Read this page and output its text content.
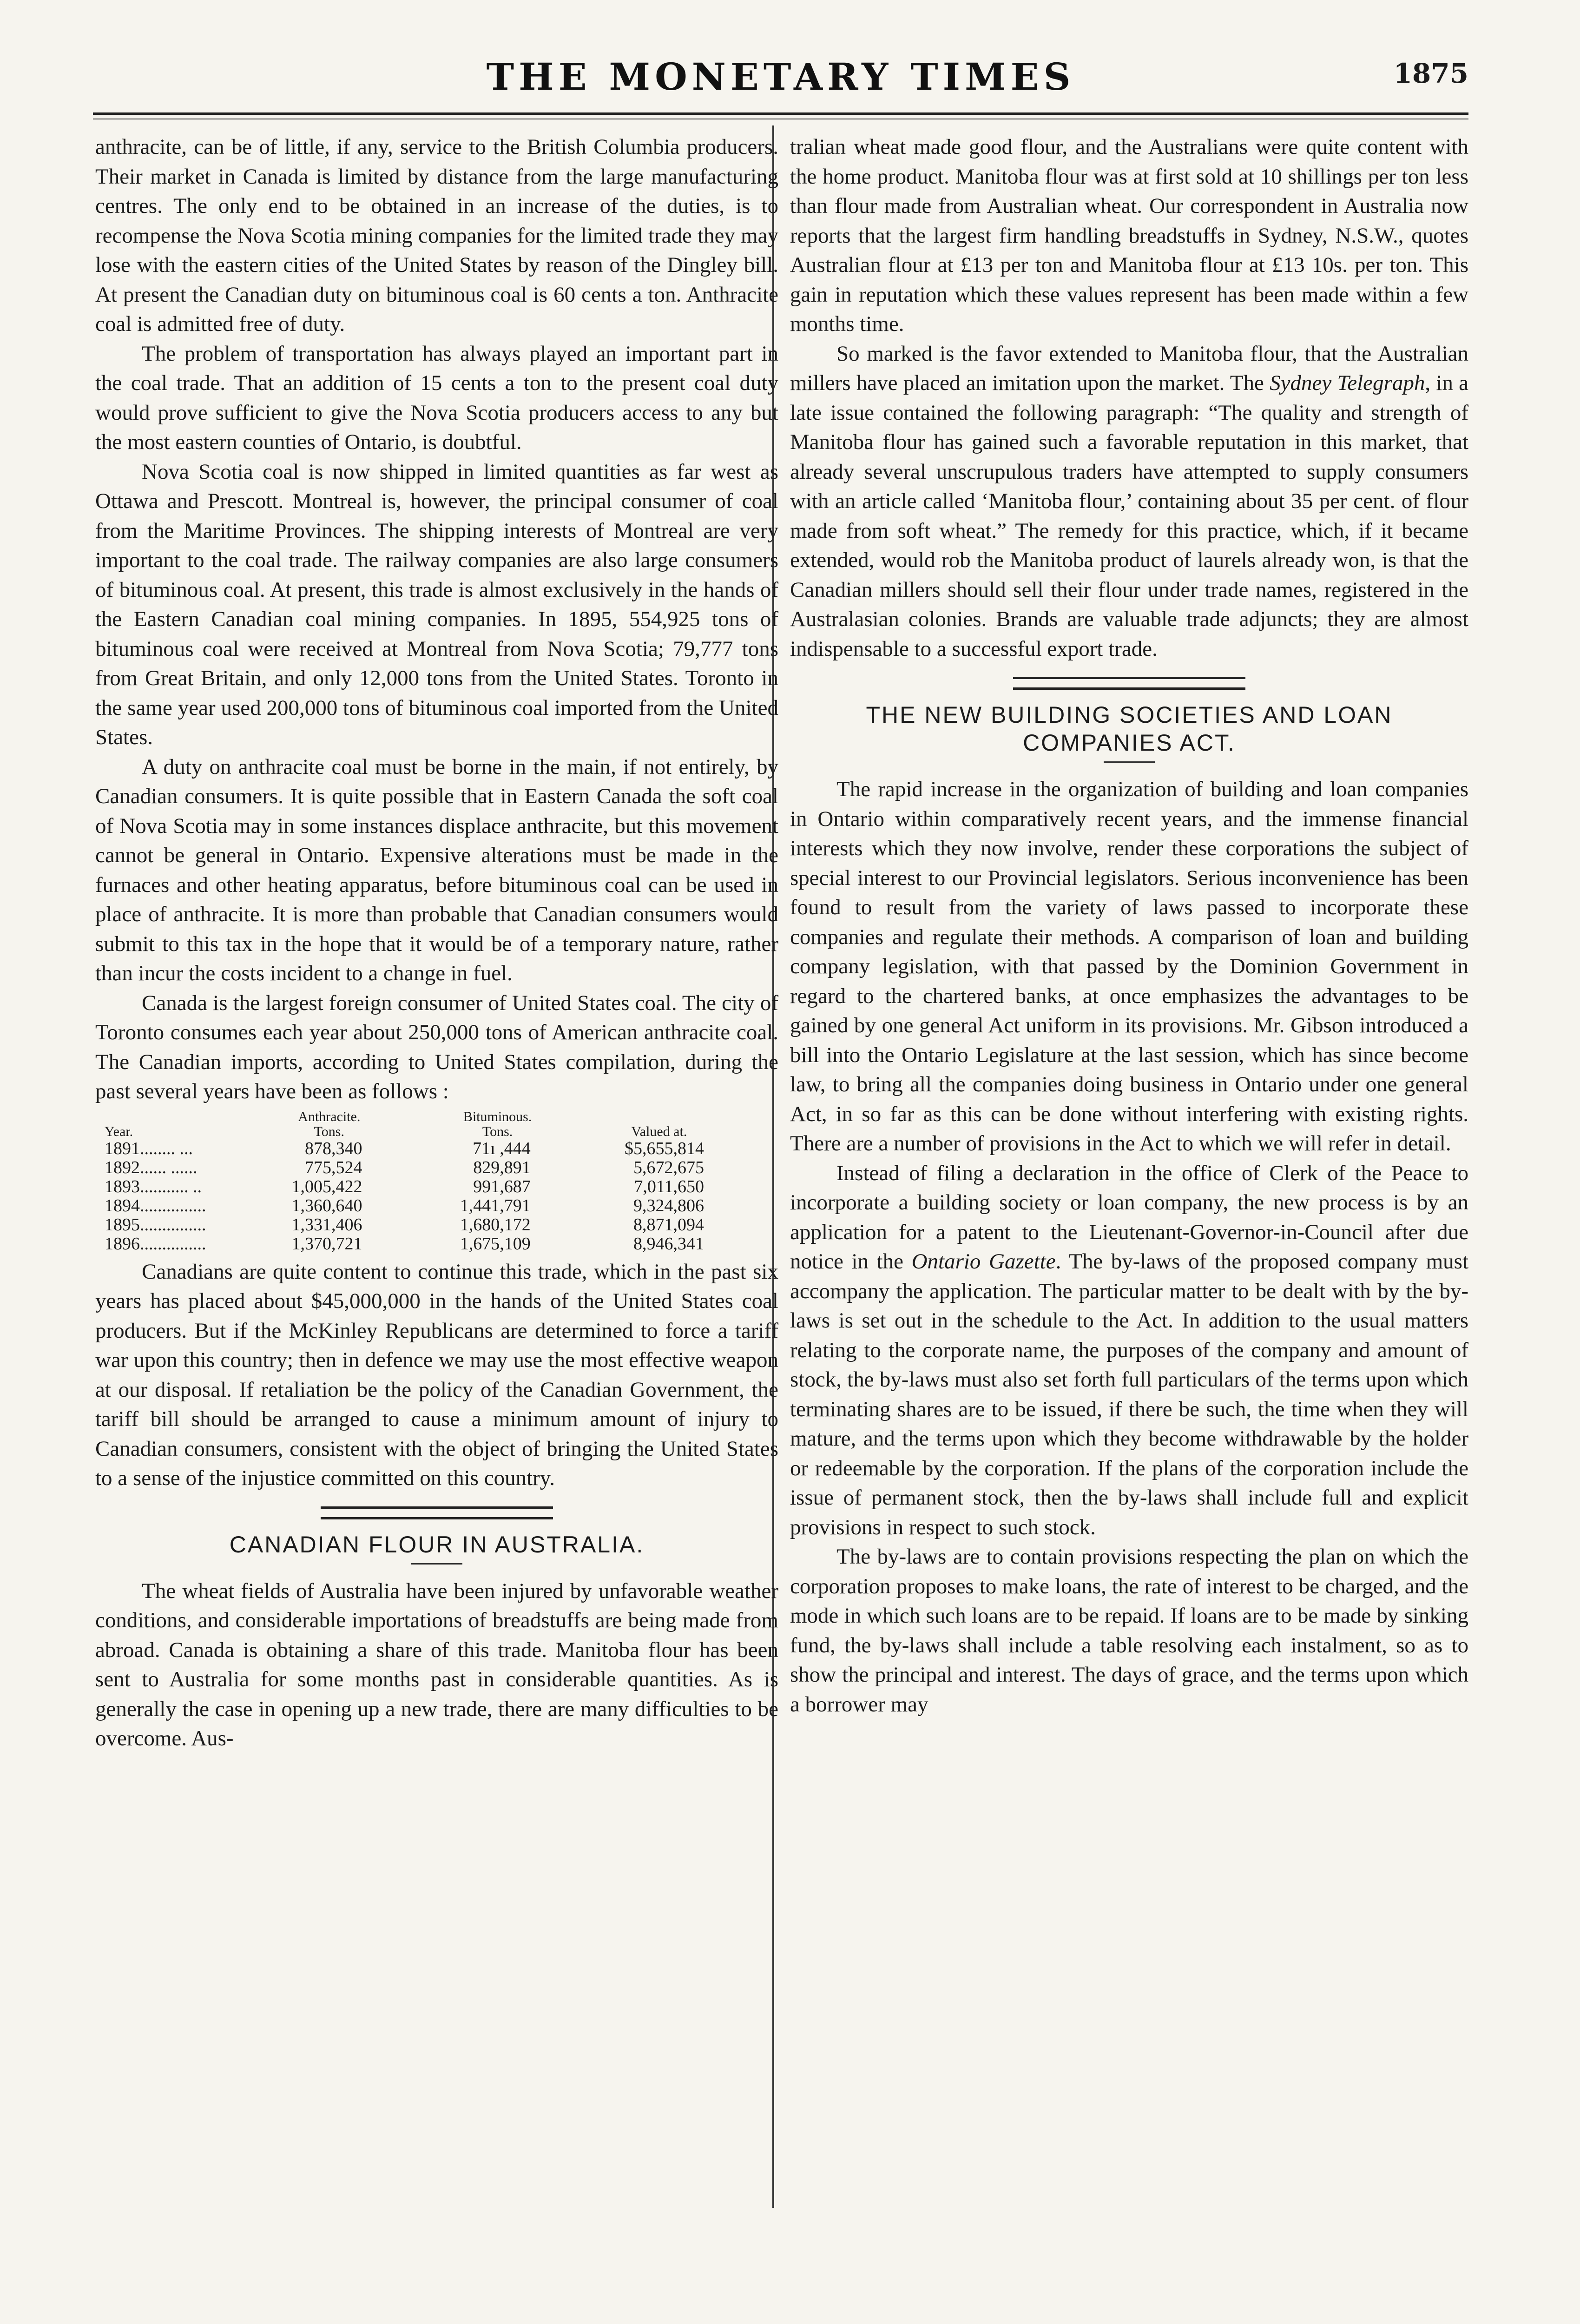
THE MONETARY TIMES	1875

anthracite, can be of little, if any, service to the British Columbia producers. Their market in Canada is limited by distance from the large manufacturing centres. The only end to be obtained in an increase of the duties, is to recompense the Nova Scotia mining companies for the limited trade they may lose with the eastern cities of the United States by reason of the Dingley bill. At present the Canadian duty on bituminous coal is 60 cents a ton. Anthracite coal is admitted free of duty.

The problem of transportation has always played an important part in the coal trade. That an addition of 15 cents a ton to the present coal duty would prove sufficient to give the Nova Scotia producers access to any but the most eastern counties of Ontario, is doubtful.

Nova Scotia coal is now shipped in limited quantities as far west as Ottawa and Prescott. Montreal is, however, the principal consumer of coal from the Maritime Provinces. The shipping interests of Montreal are very important to the coal trade. The railway companies are also large consumers of bituminous coal. At present, this trade is almost exclusively in the hands of the Eastern Canadian coal mining companies. In 1895, 554,925 tons of bituminous coal were received at Montreal from Nova Scotia; 79,777 tons from Great Britain, and only 12,000 tons from the United States. Toronto in the same year used 200,000 tons of bituminous coal imported from the United States.

A duty on anthracite coal must be borne in the main, if not entirely, by Canadian consumers. It is quite possible that in Eastern Canada the soft coal of Nova Scotia may in some instances displace anthracite, but this movement cannot be general in Ontario. Expensive alterations must be made in the furnaces and other heating apparatus, before bituminous coal can be used in place of anthracite. It is more than probable that Canadian consumers would submit to this tax in the hope that it would be of a temporary nature, rather than incur the costs incident to a change in fuel.

Canada is the largest foreign consumer of United States coal. The city of Toronto consumes each year about 250,000 tons of American anthracite coal. The Canadian imports, according to United States compilation, during the past several years have been as follows :

	Anthracite.	Bituminous.	
Year.	Tons.	Tons.	Valued at.
1891........ ...	878,340	71ı ,444	$5,655,814
1892...... ......	775,524	829,891	5,672,675
1893........... ..	1,005,422	991,687	7,011,650
1894...............	1,360,640	1,441,791	9,324,806
1895...............	1,331,406	1,680,172	8,871,094
1896...............	1,370,721	1,675,109	8,946,341

Canadians are quite content to continue this trade, which in the past six years has placed about $45,000,000 in the hands of the United States coal producers. But if the McKinley Republicans are determined to force a tariff war upon this country; then in defence we may use the most effective weapon at our disposal. If retaliation be the policy of the Canadian Government, the tariff bill should be arranged to cause a minimum amount of injury to Canadian consumers, consistent with the object of bringing the United States to a sense of the injustice committed on this country.

CANADIAN FLOUR IN AUSTRALIA.

The wheat fields of Australia have been injured by unfavorable weather conditions, and considerable importations of breadstuffs are being made from abroad. Canada is obtaining a share of this trade. Manitoba flour has been sent to Australia for some months past in considerable quantities. As is generally the case in opening up a new trade, there are many difficulties to be overcome. Aus-

tralian wheat made good flour, and the Australians were quite content with the home product. Manitoba flour was at first sold at 10 shillings per ton less than flour made from Australian wheat. Our correspondent in Australia now reports that the largest firm handling breadstuffs in Sydney, N.S.W., quotes Australian flour at £13 per ton and Manitoba flour at £13 10s. per ton. This gain in reputation which these values represent has been made within a few months time.

So marked is the favor extended to Manitoba flour, that the Australian millers have placed an imitation upon the market. The Sydney Telegraph, in a late issue contained the following paragraph: “The quality and strength of Manitoba flour has gained such a favorable reputation in this market, that already several unscrupulous traders have attempted to supply consumers with an article called ‘Manitoba flour,’ containing about 35 per cent. of flour made from soft wheat.” The remedy for this practice, which, if it became extended, would rob the Manitoba product of laurels already won, is that the Canadian millers should sell their flour under trade names, registered in the Australasian colonies. Brands are valuable trade adjuncts; they are almost indispensable to a successful export trade.

THE NEW BUILDING SOCIETIES AND LOAN COMPANIES ACT.

The rapid increase in the organization of building and loan companies in Ontario within comparatively recent years, and the immense financial interests which they now involve, render these corporations the subject of special interest to our Provincial legislators. Serious inconvenience has been found to result from the variety of laws passed to incorporate these companies and regulate their methods. A comparison of loan and building company legislation, with that passed by the Dominion Government in regard to the chartered banks, at once emphasizes the advantages to be gained by one general Act uniform in its provisions. Mr. Gibson introduced a bill into the Ontario Legislature at the last session, which has since become law, to bring all the companies doing business in Ontario under one general Act, in so far as this can be done without interfering with existing rights. There are a number of provisions in the Act to which we will refer in detail.

Instead of filing a declaration in the office of Clerk of the Peace to incorporate a building society or loan company, the new process is by an application for a patent to the Lieutenant-Governor-in-Council after due notice in the Ontario Gazette. The by-laws of the proposed company must accompany the application. The particular matter to be dealt with by the by-laws is set out in the schedule to the Act. In addition to the usual matters relating to the corporate name, the purposes of the company and amount of stock, the by-laws must also set forth full particulars of the terms upon which terminating shares are to be issued, if there be such, the time when they will mature, and the terms upon which they become withdrawable by the holder or redeemable by the corporation. If the plans of the corporation include the issue of permanent stock, then the by-laws shall include full and explicit provisions in respect to such stock.

The by-laws are to contain provisions respecting the plan on which the corporation proposes to make loans, the rate of interest to be charged, and the mode in which such loans are to be repaid. If loans are to be made by sinking fund, the by-laws shall include a table resolving each instalment, so as to show the principal and interest. The days of grace, and the terms upon which a borrower may
